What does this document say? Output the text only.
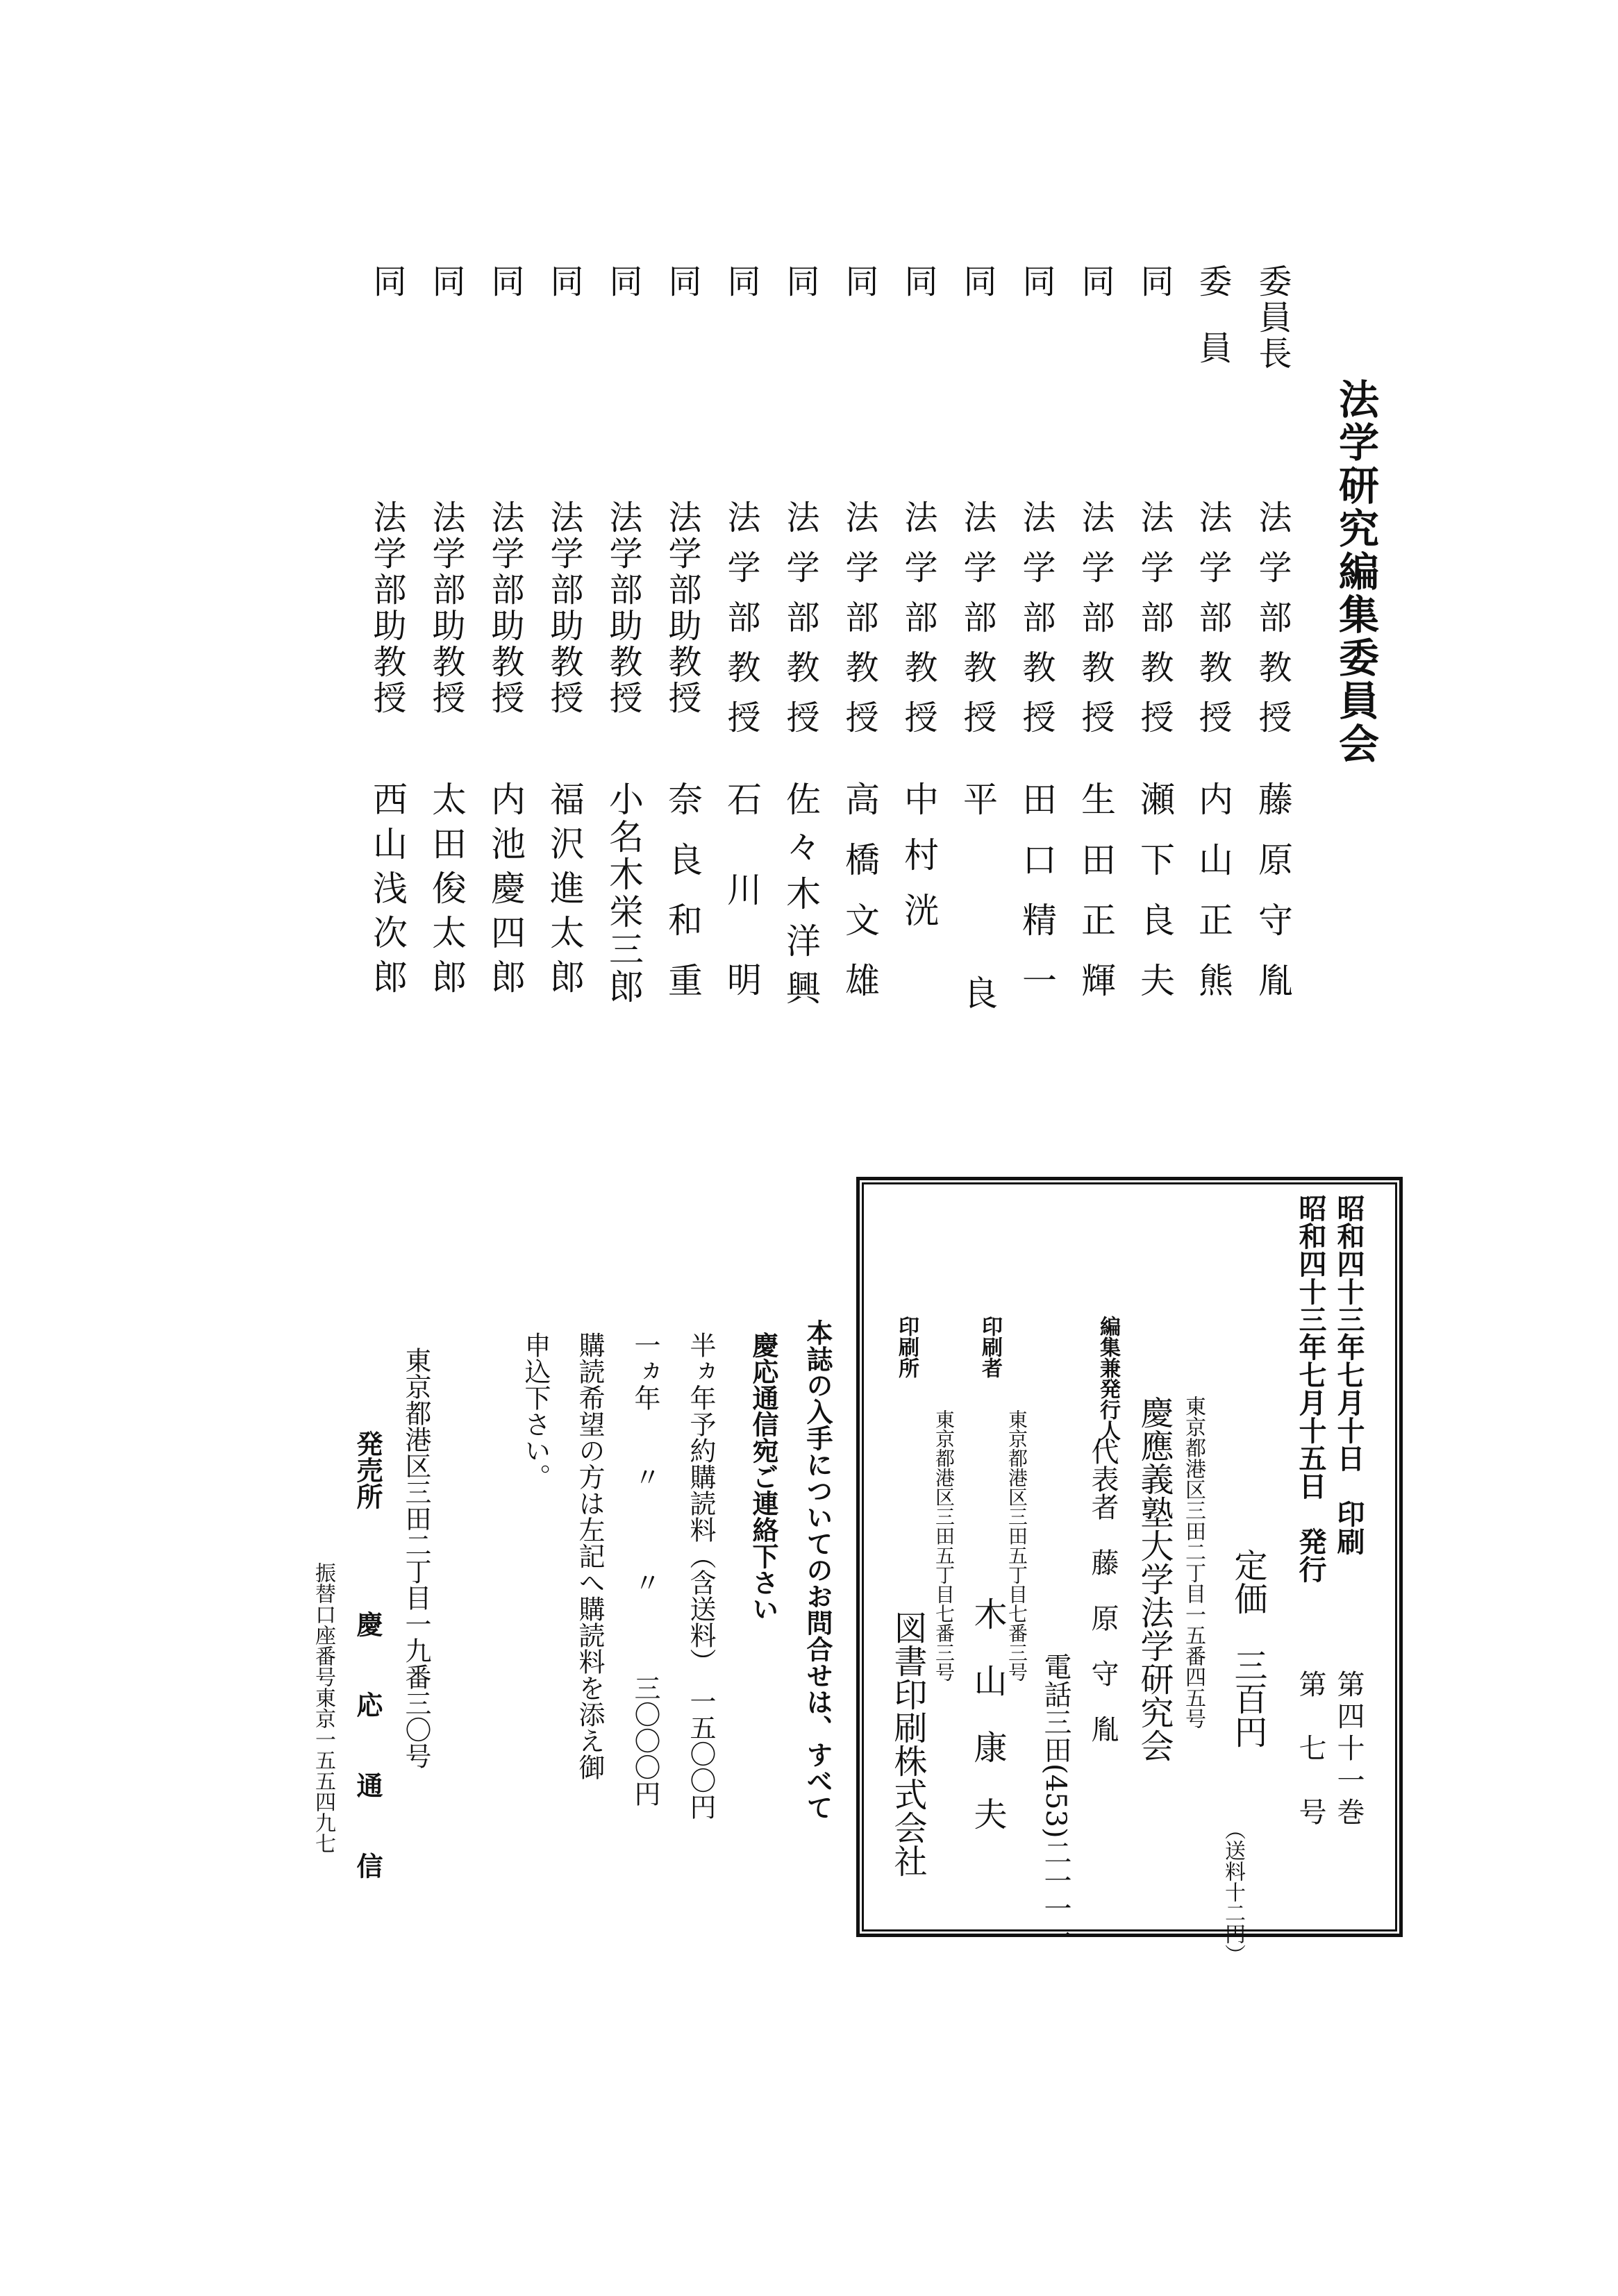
法学研究編集委員会
委員長
法学部教授
藤原守胤
委　員
法学部教授
内山正熊
同
法学部教授
瀬下良夫
同
法学部教授
生田正輝
同
法学部教授
田口精一
同
法学部教授
平良
同
法学部教授
中村洸
同
法学部教授
高橋文雄
同
法学部教授
佐々木洋興
同
法学部教授
石川明
同
法学部助教授
奈良和重
同
法学部助教授
小名木栄三郎
同
法学部助教授
福沢進太郎
同
法学部助教授
内池慶四郎
同
法学部助教授
太田俊太郎
同
法学部助教授
西山浅次郎
昭和四十三年七月十日　印刷
昭和四十三年七月十五日　発行
第四十一巻
第　七　号
定価　三百円
（送料十二円）
東京都港区三田二丁目一五番四五号
慶應義塾大学法学研究会
編集兼発行人
代表者　藤　原　守　胤
電話三田(453)二一一一
印刷者
東京都港区三田五丁目七番三号
木　山　康　夫
印刷所
東京都港区三田五丁目七番三号
図書印刷株式会社
本誌の入手についてのお問合せは、すべて
慶応通信宛ご連絡下さい
半ヵ年予約購読料（含送料）　一五〇〇円
一ヵ年　　〃　　　〃　　　三〇〇〇円
購読希望の方は左記へ購読料を添え御
申込下さい。
東京都港区三田二丁目一九番三〇号
発売所
慶　応　通　信
振替口座番号東京一五五四九七
